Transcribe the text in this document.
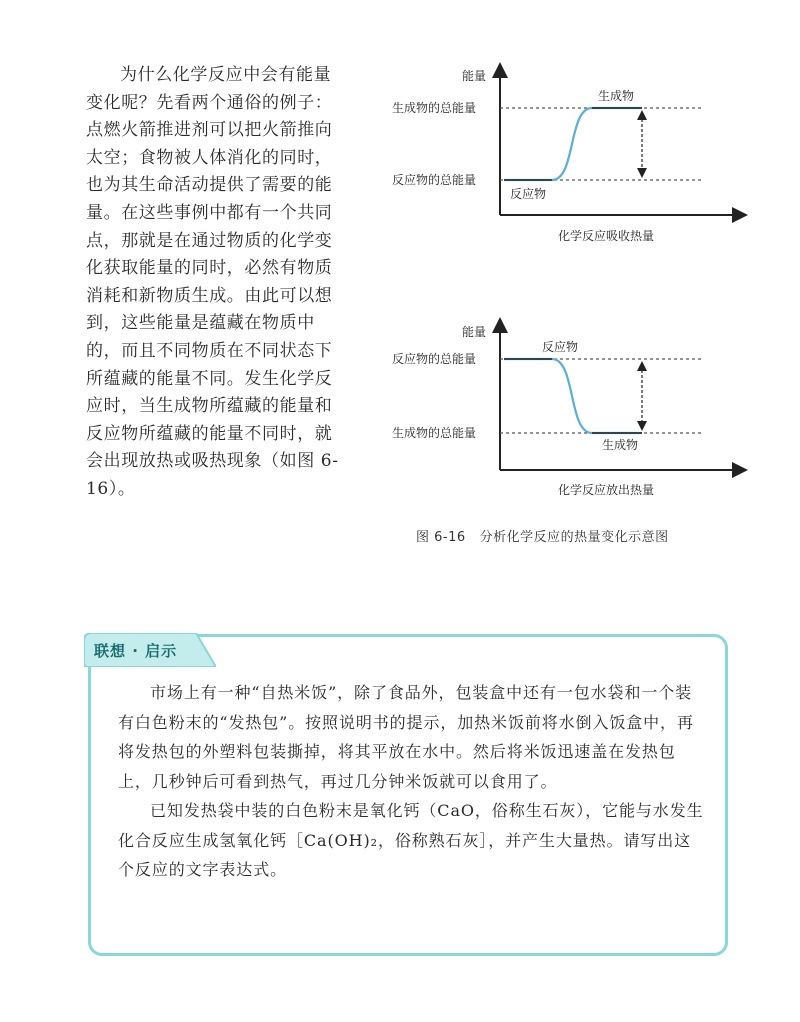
为什么化学反应中会有能量变化呢？先看两个通俗的例子：点燃火箭推进剂可以把火箭推向太空；食物被人体消化的同时，也为其生命活动提供了需要的能量。在这些事例中都有一个共同点，那就是在通过物质的化学变化获取能量的同时，必然有物质消耗和新物质生成。由此可以想到，这些能量是蕴藏在物质中的，而且不同物质在不同状态下所蕴藏的能量不同。发生化学反应时，当生成物所蕴藏的能量和反应物所蕴藏的能量不同时，就会出现放热或吸热现象（如图 6-16）。

能量
生成物的总能量
反应物的总能量
生成物
反应物
化学反应吸收热量
能量
反应物的总能量
生成物的总能量
反应物
生成物
化学反应放出热量
图 6-16 分析化学反应的热量变化示意图
联想 · 启示

市场上有一种“自热米饭”，除了食品外，包装盒中还有一包水袋和一个装有白色粉末的“发热包”。按照说明书的提示，加热米饭前将水倒入饭盒中，再将发热包的外塑料包装撕掉，将其平放在水中。然后将米饭迅速盖在发热包上，几秒钟后可看到热气，再过几分钟米饭就可以食用了。

已知发热袋中装的白色粉末是氧化钙（CaO，俗称生石灰），它能与水发生化合反应生成氢氧化钙［Ca(OH)₂，俗称熟石灰］，并产生大量热。请写出这个反应的文字表达式。
